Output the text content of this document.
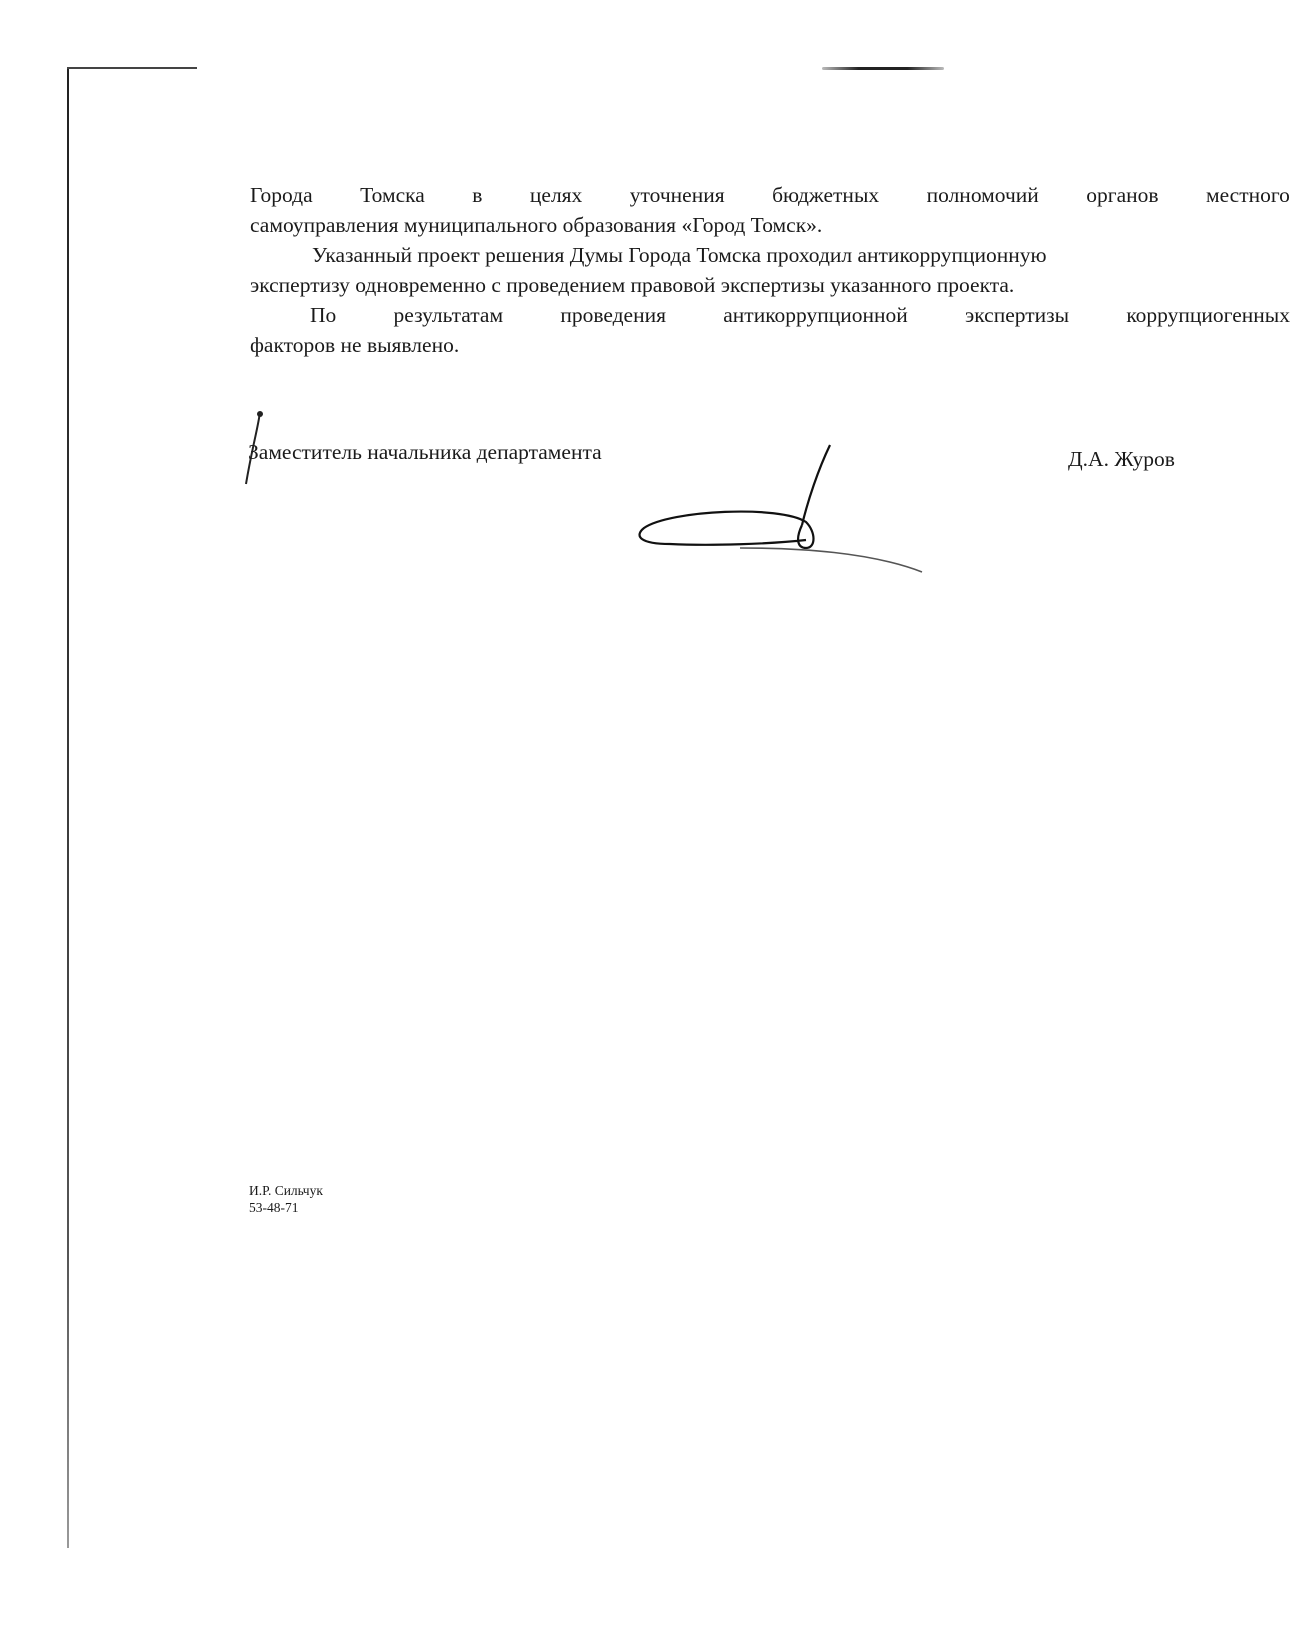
Города Томска в целях уточнения бюджетных полномочий органов местного
самоуправления муниципального образования «Город Томск».
Указанный проект решения Думы Города Томска проходил антикоррупционную
экспертизу одновременно с проведением правовой экспертизы указанного проекта.
По	результатам	проведения	антикоррупционной	экспертизы	коррупциогенных
факторов не выявлено.
Заместитель начальника департамента	Д.А. Журов
И.Р. Сильчук
53-48-71
